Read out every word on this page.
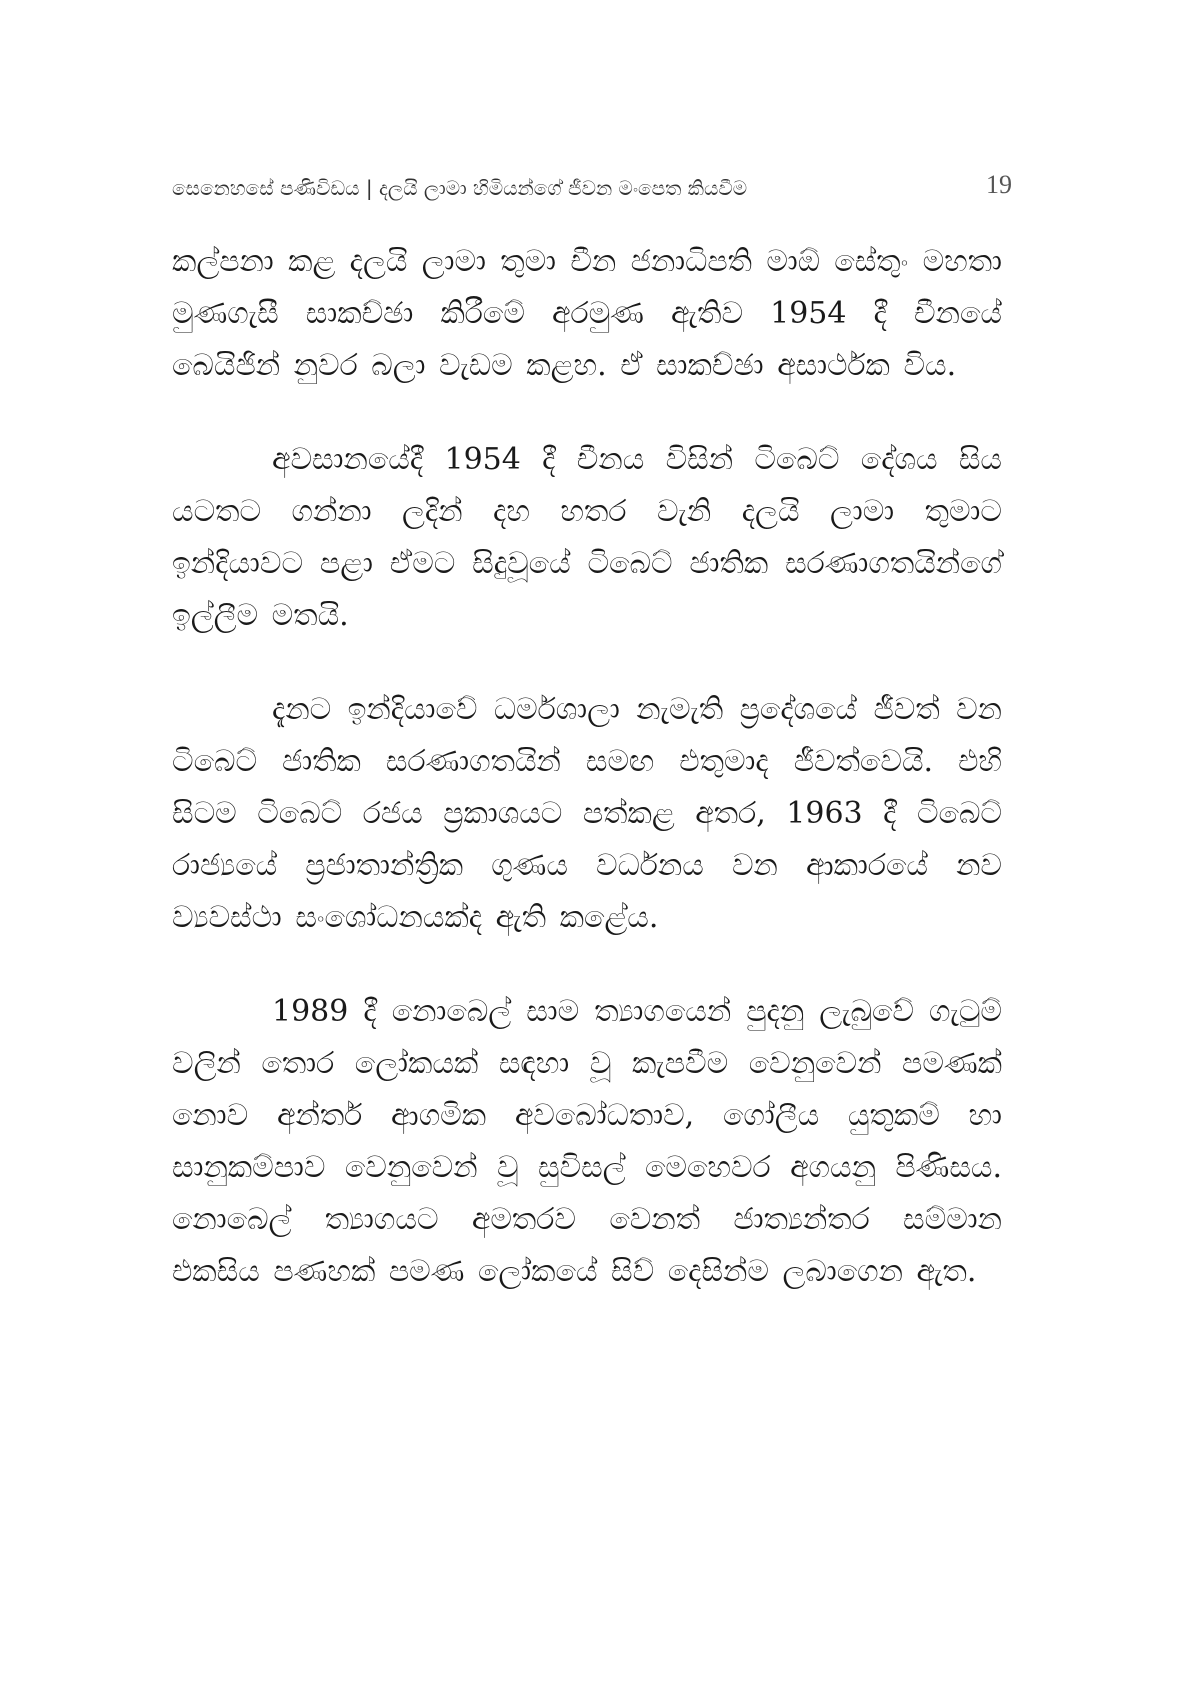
සෙනෙහසේ පණිවිඩය | දලයි ලාමා හිමියන්ගේ ජීවන මංපෙත කියවීම	19

කල්පනා කළ දලයි ලාමා තුමා චීන ජනාධිපති මාඕ සේතුං මහතා මුණගැසී සාකච්ඡා කිරීමේ අරමුණ ඇතිව 1954 දී චීනයේ බෙයිජින් නුවර බලා වැඩම කළහ. ඒ සාකච්ඡා අසාර්ථක විය.

අවසානයේදී 1954 දී චීනය විසින් ටිබෙට් දේශය සිය යටතට ගන්නා ලදින් දහ හතර වැනි දලයි ලාමා තුමාට ඉන්දියාවට පළා ඒමට සිදුවූයේ ටිබෙට් ජාතික සරණාගතයින්ගේ ඉල්ලීම මතයි.

දැනට ඉන්දියාවේ ධර්මශාලා නැමැති ප්‍රදේශයේ ජීවත් වන ටිබෙට් ජාතික සරණාගතයින් සමඟ එතුමාද ජීවත්වෙයි. එහි සිටම ටිබෙට් රජය ප්‍රකාශයට පත්කළ අතර, 1963 දී ටිබෙට් රාජ්‍යයේ ප්‍රජාතාන්ත්‍රික ගුණය වර්ධනය වන ආකාරයේ නව ව්‍යවස්ථා සංශෝධනයක්ද ඇති කළේය.

1989 දී නොබෙල් සාම ත්‍යාගයෙන් පුදනු ලැබුවේ ගැටුම් වලින් තොර ලෝකයක් සඳහා වූ කැපවීම වෙනුවෙන් පමණක් නොව අන්තර් ආගමික අවබෝධතාව, ගෝලීය යුතුකම් හා සානුකම්පාව වෙනුවෙන් වූ සුවිසල් මෙහෙවර අගයනු පිණිසය. නොබෙල් ත්‍යාගයට අමතරව වෙනත් ජාත්‍යන්තර සම්මාන එකසිය පණහක් පමණ ලෝකයේ සිව් දෙසින්ම ලබාගෙන ඇත.
